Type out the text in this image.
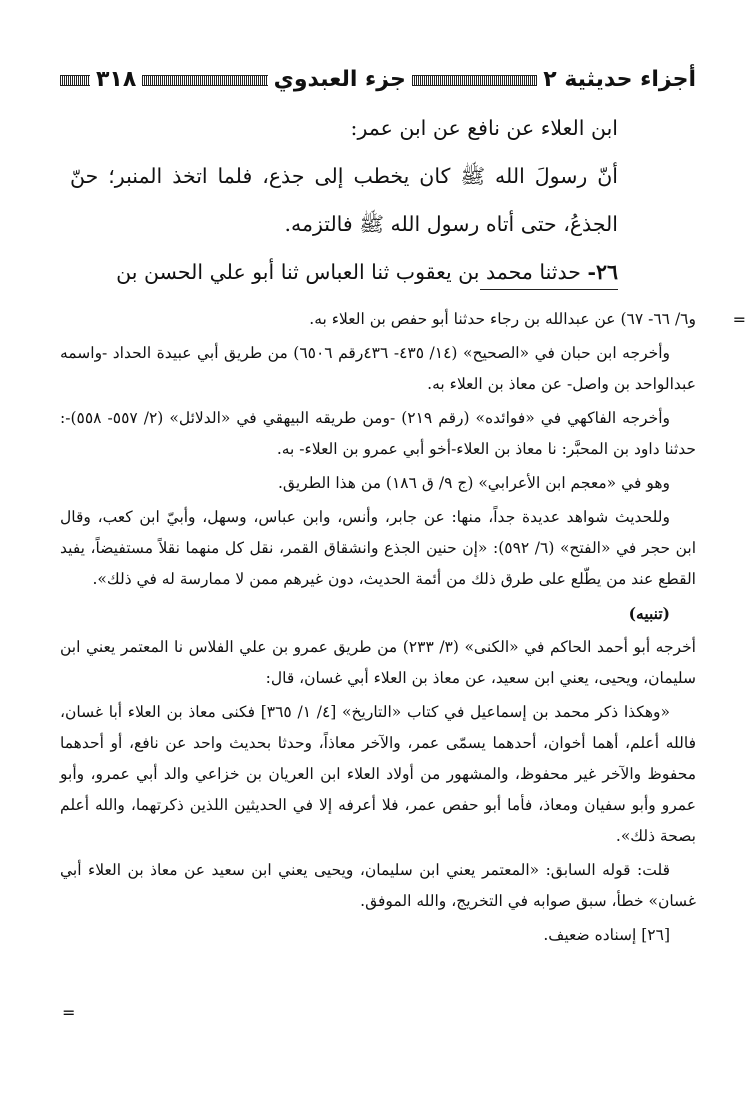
أجزاء حديثية ٢
جزء العبدوي
٣١٨

ابن العلاء عن نافع عن ابن عمر:

أنّ رسولَ الله ﷺ كان يخطب إلى جذع، فلما اتخذ المنبر؛ حنّ الجذعُ، حتى أتاه رسول الله ﷺ فالتزمه.

٢٦- حدثنا محمد بن يعقوب ثنا العباس ثنا أبو علي الحسن بن

=

و٦/ ٦٦- ٦٧) عن عبدالله بن رجاء حدثنا أبو حفص بن العلاء به.

وأخرجه ابن حبان في «الصحيح» (١٤/ ٤٣٥- ٤٣٦رقم ٦٥٠٦) من طريق أبي عبيدة الحداد -واسمه عبدالواحد بن واصل- عن معاذ بن العلاء به.

وأخرجه الفاكهي في «فوائده» (رقم ٢١٩) -ومن طريقه البيهقي في «الدلائل» (٢/ ٥٥٧- ٥٥٨)-: حدثنا داود بن المحبَّر: نا معاذ بن العلاء-أخو أبي عمرو بن العلاء- به.

وهو في «معجم ابن الأعرابي» (ج ٩/ ق ١٨٦) من هذا الطريق.

وللحديث شواهد عديدة جداً، منها: عن جابر، وأنس، وابن عباس، وسهل، وأبيّ ابن كعب، وقال ابن حجر في «الفتح» (٦/ ٥٩٢): «إن حنين الجذع وانشقاق القمر، نقل كل منهما نقلاً مستفيضاً، يفيد القطع عند من يطّلع على طرق ذلك من أئمة الحديث، دون غيرهم ممن لا ممارسة له في ذلك».

(تنبيه)

أخرجه أبو أحمد الحاكم في «الكنى» (٣/ ٢٣٣) من طريق عمرو بن علي الفلاس نا المعتمر يعني ابن سليمان، ويحيى، يعني ابن سعيد، عن معاذ بن العلاء أبي غسان، قال:

«وهكذا ذكر محمد بن إسماعيل في كتاب «التاريخ» [٤/ ١/ ٣٦٥] فكنى معاذ بن العلاء أبا غسان، فالله أعلم، أهما أخوان، أحدهما يسمّى عمر، والآخر معاذاً، وحدثا بحديث واحد عن نافع، أو أحدهما محفوظ والآخر غير محفوظ، والمشهور من أولاد العلاء ابن العريان بن خزاعي والد أبي عمرو، وأبو عمرو وأبو سفيان ومعاذ، فأما أبو حفص عمر، فلا أعرفه إلا في الحديثين اللذين ذكرتهما، والله أعلم بصحة ذلك».

قلت: قوله السابق: «المعتمر يعني ابن سليمان، ويحيى يعني ابن سعيد عن معاذ بن العلاء أبي غسان» خطأ، سبق صوابه في التخريج، والله الموفق.

[٢٦] إسناده ضعيف.

=
